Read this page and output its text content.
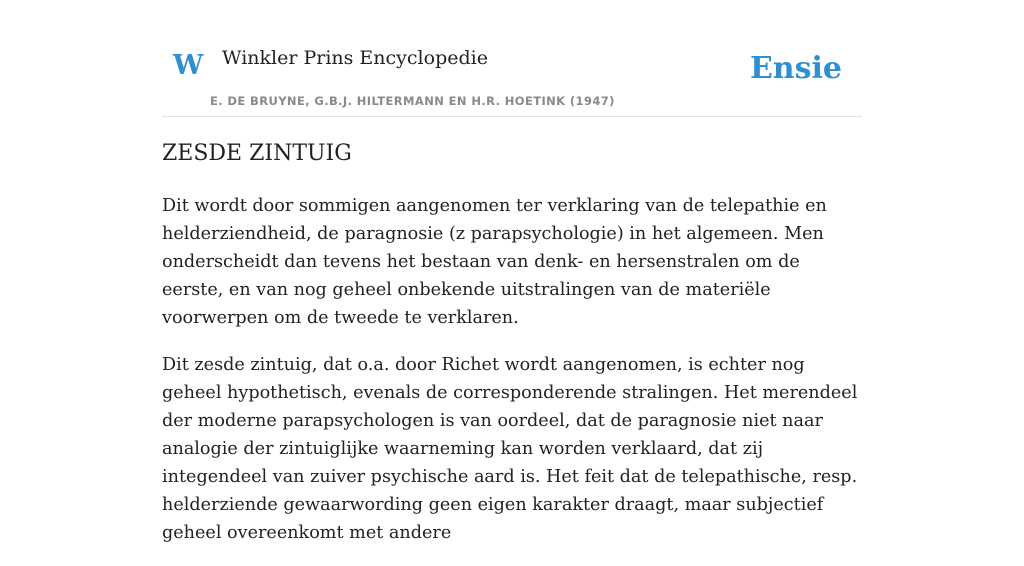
W Winkler Prins Encyclopedie	Ensie
E. DE BRUYNE, G.B.J. HILTERMANN EN H.R. HOETINK (1947)
ZESDE ZINTUIG

Dit wordt door sommigen aangenomen ter verklaring van de telepathie en helderziendheid, de paragnosie (z parapsychologie) in het algemeen. Men onderscheidt dan tevens het bestaan van denk- en hersenstralen om de eerste, en van nog geheel onbekende uitstralingen van de materiële voorwerpen om de tweede te verklaren.

Dit zesde zintuig, dat o.a. door Richet wordt aangenomen, is echter nog geheel hypothetisch, evenals de corresponderende stralingen. Het merendeel der moderne parapsychologen is van oordeel, dat de paragnosie niet naar analogie der zintuiglijke waarneming kan worden verklaard, dat zij integendeel van zuiver psychische aard is. Het feit dat de telepathische, resp. helderziende gewaarwording geen eigen karakter draagt, maar subjectief geheel overeenkomt met andere
